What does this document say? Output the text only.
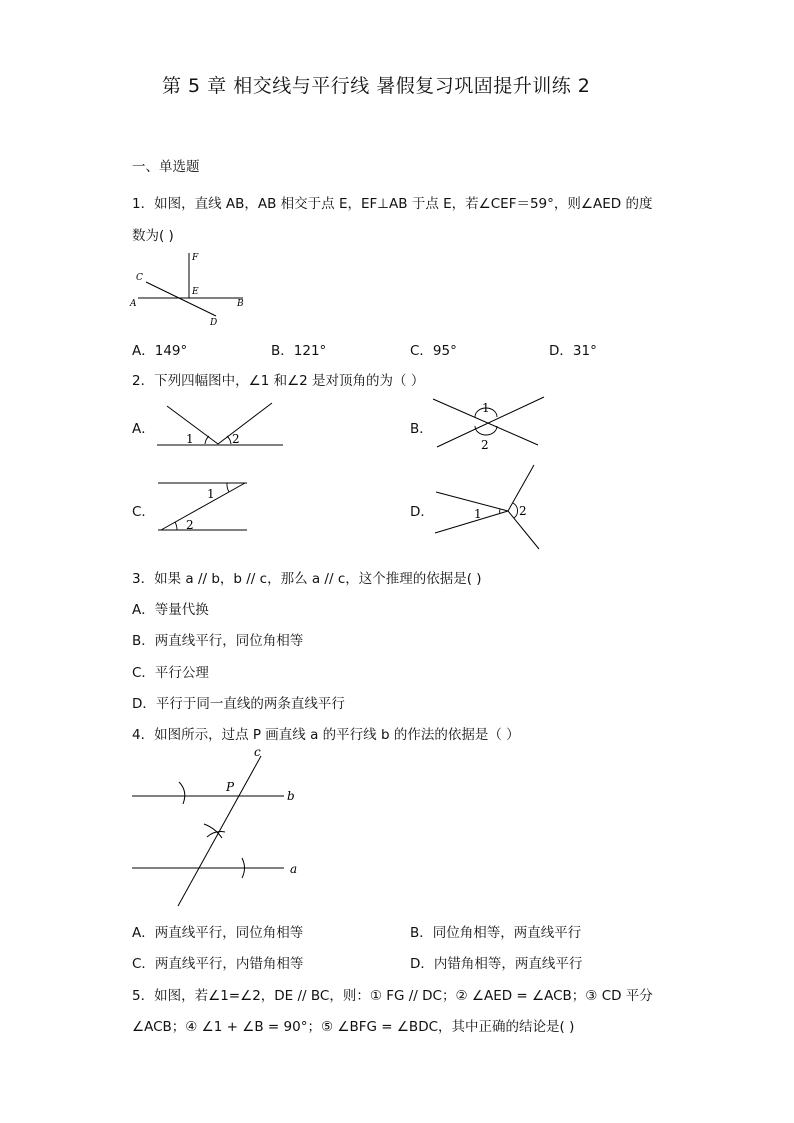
第 5 章 相交线与平行线 暑假复习巩固提升训练 2
一、单选题
1．如图，直线 AB，AB 相交于点 E，EF⊥AB 于点 E，若∠CEF＝59°，则∠AED 的度
数为( )
F
C
E
A	B
D
A．149°	B．121°	C．95°	D．31°
2．下列四幅图中，∠1 和∠2 是对顶角的为（ ）
A．
1	2
B．
1
2
C．
1
2
D．	1	2
3．如果 a // b，b // c，那么 a // c，这个推理的依据是( )
A．等量代换
B．两直线平行，同位角相等
C．平行公理
D．平行于同一直线的两条直线平行
4．如图所示，过点 P 画直线 a 的平行线 b 的作法的依据是（ ）
c
P
b
a
A．两直线平行，同位角相等	B．同位角相等，两直线平行
C．两直线平行，内错角相等	D．内错角相等，两直线平行
5．如图，若∠1=∠2，DE // BC，则：① FG // DC；② ∠AED = ∠ACB；③ CD 平分
∠ACB；④ ∠1 + ∠B = 90°；⑤ ∠BFG = ∠BDC，其中正确的结论是( )
